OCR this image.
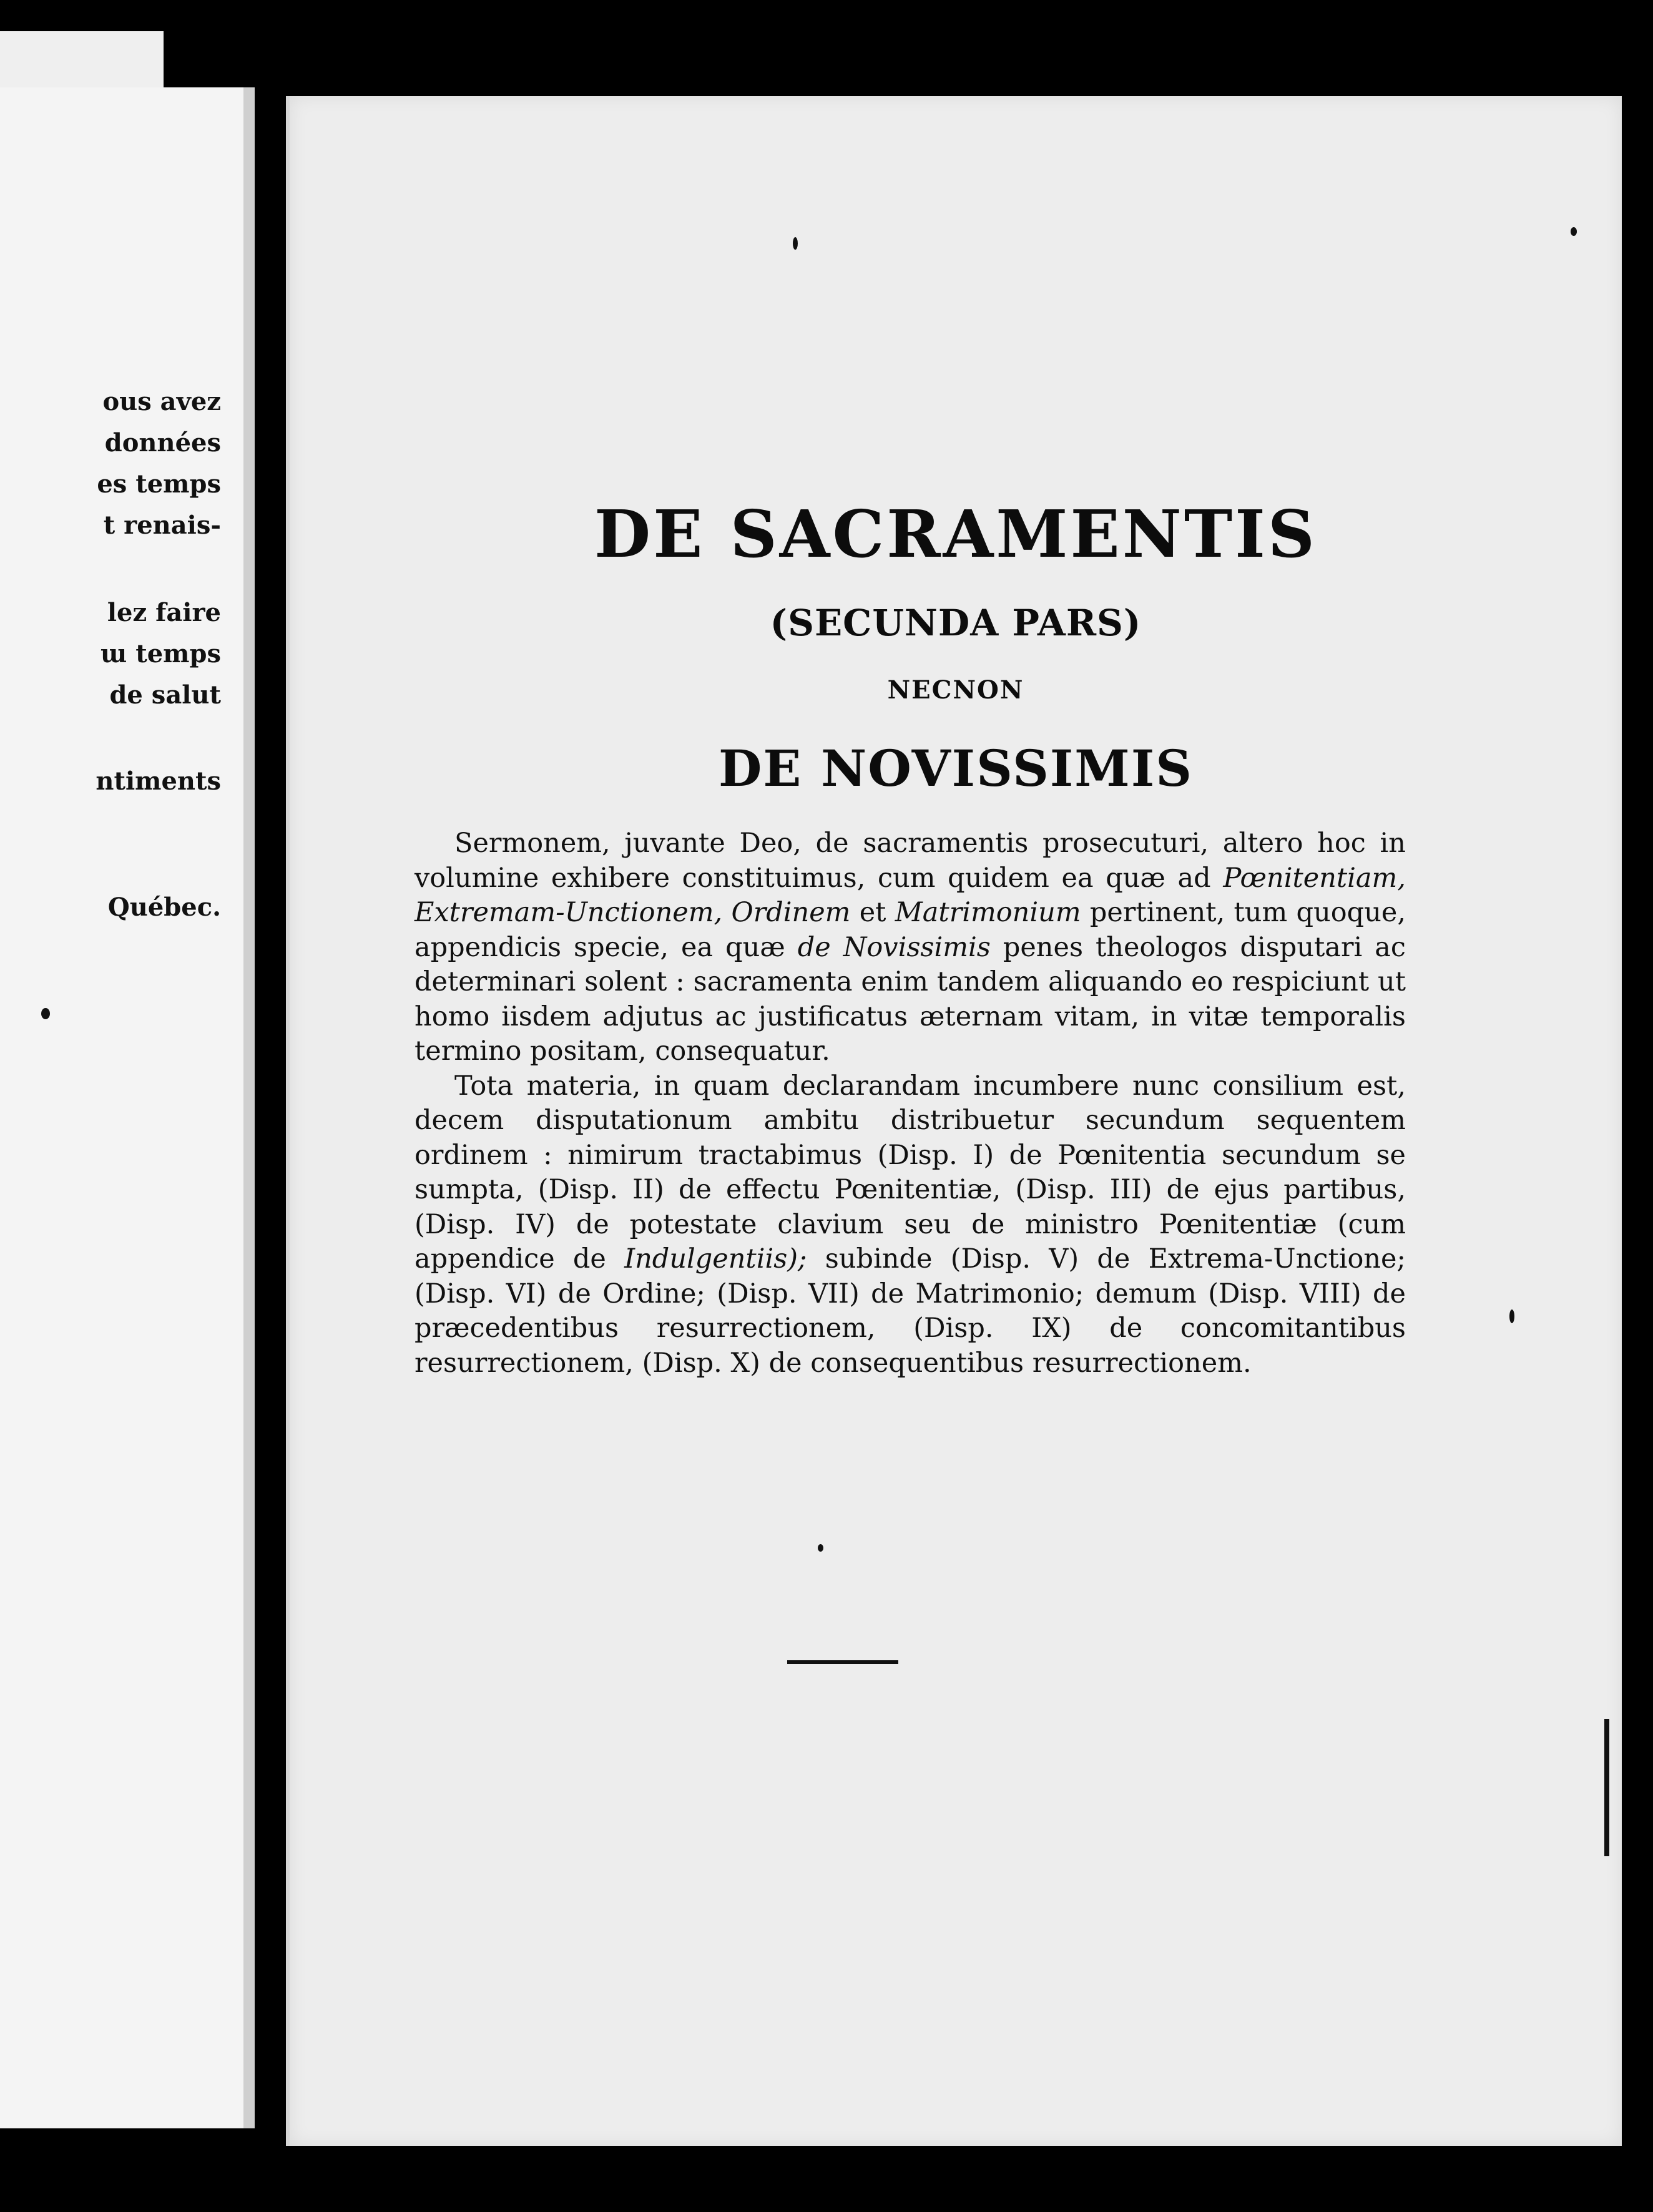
ous avez
données
es temps
t renais-
lez faire
ɯ temps
de salut
ntiments
Québec.
DE SACRAMENTIS
(SECUNDA PARS)
NECNON
DE NOVISSIMIS

Sermonem, juvante Deo, de sacramentis prosecuturi, altero hoc in volumine exhibere constituimus, cum quidem ea quæ ad Pœnitentiam, Extremam-Unctionem, Ordinem et Matrimonium pertinent, tum quoque, appendicis specie, ea quæ de Novissimis penes theologos disputari ac determinari solent : sacramenta enim tandem aliquando eo respiciunt ut homo iisdem adjutus ac justificatus æternam vitam, in vitæ temporalis termino positam, consequatur.

Tota materia, in quam declarandam incumbere nunc consilium est, decem disputationum ambitu distribuetur secundum sequentem ordinem : nimirum tractabimus (Disp. I) de Pœnitentia secundum se sumpta, (Disp. II) de effectu Pœnitentiæ, (Disp. III) de ejus partibus, (Disp. IV) de potestate clavium seu de ministro Pœnitentiæ (cum appendice de Indulgentiis); subinde (Disp. V) de Extrema-Unctione; (Disp. VI) de Ordine; (Disp. VII) de Matrimonio; demum (Disp. VIII) de præcedentibus resurrectionem, (Disp. IX) de concomitantibus resurrectionem, (Disp. X) de consequentibus resurrectionem.
